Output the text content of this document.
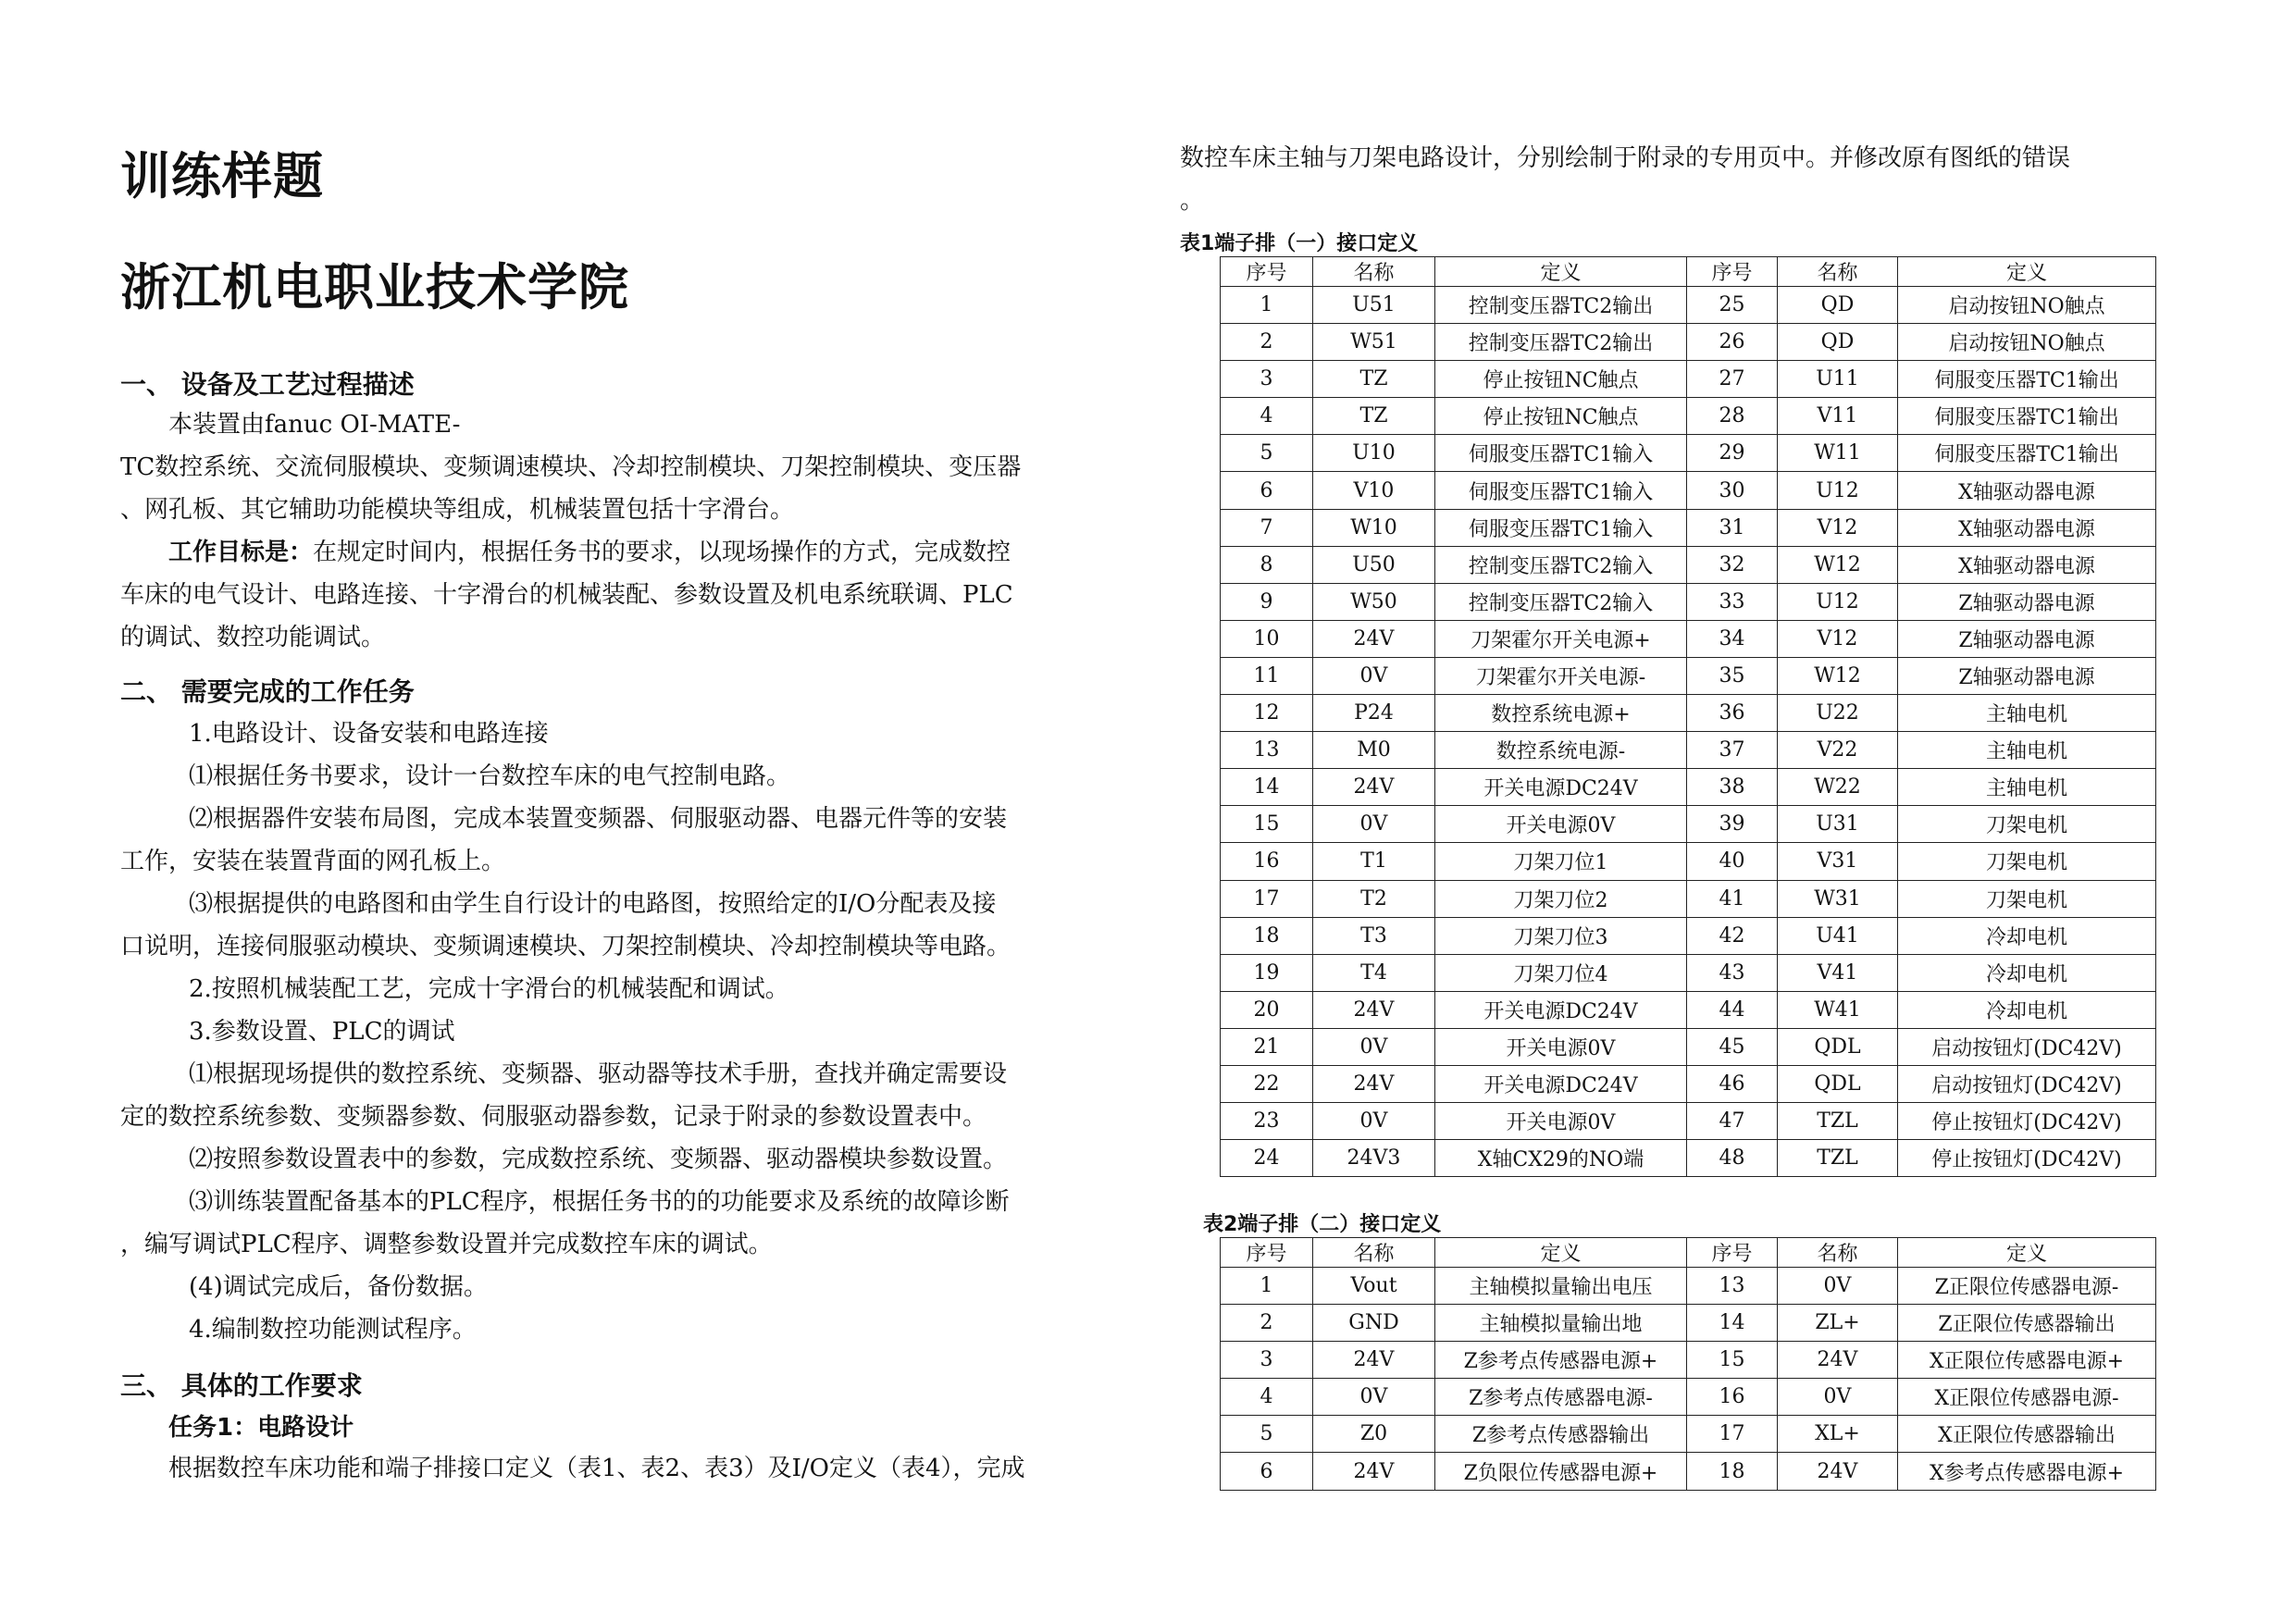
训练样题
浙江机电职业技术学院
一、 设备及工艺过程描述
本装置由fanuc OI-MATE-
TC数控系统、交流伺服模块、变频调速模块、冷却控制模块、刀架控制模块、变压器
、网孔板、其它辅助功能模块等组成，机械装置包括十字滑台。
工作目标是：在规定时间内，根据任务书的要求，以现场操作的方式，完成数控
车床的电气设计、电路连接、十字滑台的机械装配、参数设置及机电系统联调、PLC
的调试、数控功能调试。
二、 需要完成的工作任务
1.电路设计、设备安装和电路连接
⑴根据任务书要求，设计一台数控车床的电气控制电路。
⑵根据器件安装布局图，完成本装置变频器、伺服驱动器、电器元件等的安装
工作，安装在装置背面的网孔板上。
⑶根据提供的电路图和由学生自行设计的电路图，按照给定的I/O分配表及接
口说明，连接伺服驱动模块、变频调速模块、刀架控制模块、冷却控制模块等电路。
2.按照机械装配工艺，完成十字滑台的机械装配和调试。
3.参数设置、PLC的调试
⑴根据现场提供的数控系统、变频器、驱动器等技术手册，查找并确定需要设
定的数控系统参数、变频器参数、伺服驱动器参数，记录于附录的参数设置表中。
⑵按照参数设置表中的参数，完成数控系统、变频器、驱动器模块参数设置。
⑶训练装置配备基本的PLC程序，根据任务书的的功能要求及系统的故障诊断
，编写调试PLC程序、调整参数设置并完成数控车床的调试。
(4)调试完成后，备份数据。
4.编制数控功能测试程序。
三、 具体的工作要求
任务1：电路设计
根据数控车床功能和端子排接口定义（表1、表2、表3）及I/O定义（表4），完成
数控车床主轴与刀架电路设计，分别绘制于附录的专用页中。并修改原有图纸的错误
。
表1端子排（一）接口定义
序号	名称	定义	序号	名称	定义
1	U51	控制变压器TC2输出	25	QD	启动按钮NO触点
2	W51	控制变压器TC2输出	26	QD	启动按钮NO触点
3	TZ	停止按钮NC触点	27	U11	伺服变压器TC1输出
4	TZ	停止按钮NC触点	28	V11	伺服变压器TC1输出
5	U10	伺服变压器TC1输入	29	W11	伺服变压器TC1输出
6	V10	伺服变压器TC1输入	30	U12	X轴驱动器电源
7	W10	伺服变压器TC1输入	31	V12	X轴驱动器电源
8	U50	控制变压器TC2输入	32	W12	X轴驱动器电源
9	W50	控制变压器TC2输入	33	U12	Z轴驱动器电源
10	24V	刀架霍尔开关电源+	34	V12	Z轴驱动器电源
11	0V	刀架霍尔开关电源-	35	W12	Z轴驱动器电源
12	P24	数控系统电源+	36	U22	主轴电机
13	M0	数控系统电源-	37	V22	主轴电机
14	24V	开关电源DC24V	38	W22	主轴电机
15	0V	开关电源0V	39	U31	刀架电机
16	T1	刀架刀位1	40	V31	刀架电机
17	T2	刀架刀位2	41	W31	刀架电机
18	T3	刀架刀位3	42	U41	冷却电机
19	T4	刀架刀位4	43	V41	冷却电机
20	24V	开关电源DC24V	44	W41	冷却电机
21	0V	开关电源0V	45	QDL	启动按钮灯(DC42V)
22	24V	开关电源DC24V	46	QDL	启动按钮灯(DC42V)
23	0V	开关电源0V	47	TZL	停止按钮灯(DC42V)
24	24V3	X轴CX29的NO端	48	TZL	停止按钮灯(DC42V)
表2端子排（二）接口定义
序号	名称	定义	序号	名称	定义
1	Vout	主轴模拟量输出电压	13	0V	Z正限位传感器电源-
2	GND	主轴模拟量输出地	14	ZL+	Z正限位传感器输出
3	24V	Z参考点传感器电源+	15	24V	X正限位传感器电源+
4	0V	Z参考点传感器电源-	16	0V	X正限位传感器电源-
5	Z0	Z参考点传感器输出	17	XL+	X正限位传感器输出
6	24V	Z负限位传感器电源+	18	24V	X参考点传感器电源+
